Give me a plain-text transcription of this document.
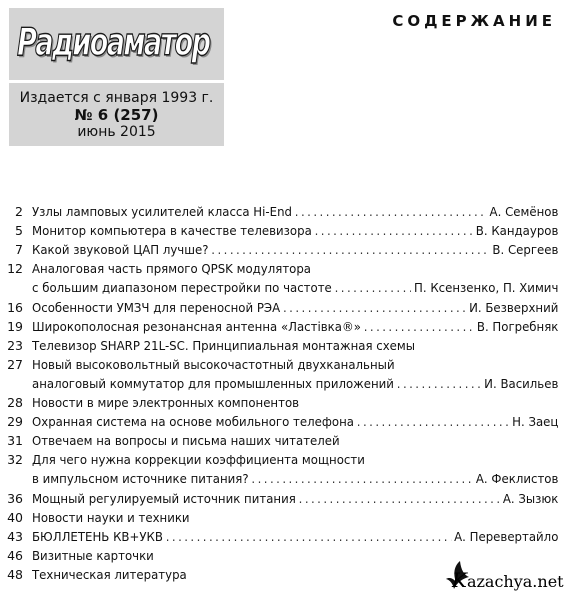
Радиоаматор
Издается с января 1993 г.
№ 6 (257)
июнь 2015
СОДЕРЖАНИЕ
2 Узлы ламповых усилителей класса Hi-End .....	А. Семёнов
5 Монитор компьютера в качестве телевизора .....	В. Кандауров
7 Какой звуковой ЦАП лучше? .....	В. Сергеев
12 Аналоговая часть прямого QPSK модулятора
с большим диапазоном перестройки по частоте .....	П. Ксензенко, П. Химич
16 Особенности УМЗЧ для переносной РЭА .....	И. Безверхний
19 Широкополосная резонансная антенна «Ластівка®» .....	В. Погребняк
23 Телевизор SHARP 21L-SC. Принципиальная монтажная схемы
27 Новый высоковольтный высокочастотный двухканальный
аналоговый коммутатор для промышленных приложений .....	И. Васильев
28 Новости в мире электронных компонентов
29 Охранная система на основе мобильного телефона .....	Н. Заец
31 Отвечаем на вопросы и письма наших читателей
32 Для чего нужна коррекции коэффициента мощности
в импульсном источнике питания? .....	А. Феклистов
36 Мощный регулируемый источник питания .....	А. Зызюк
40 Новости науки и техники
43 БЮЛЛЕТЕНЬ КВ+УКВ .....	А. Перевертайло
46 Визитные карточки
48 Техническая литература	Kazachya.net
